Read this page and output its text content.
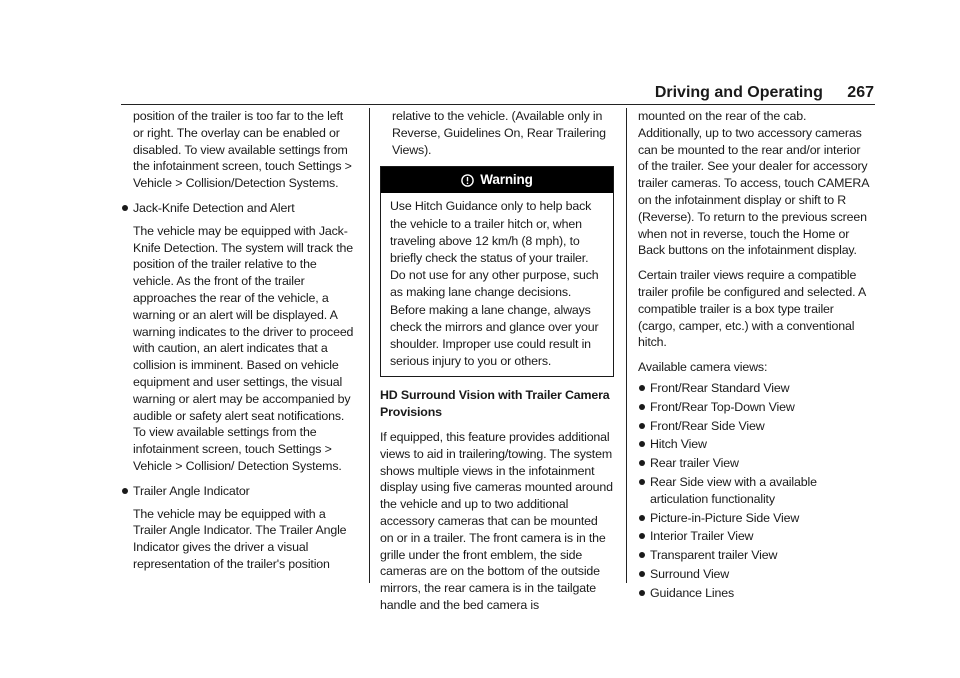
Driving and Operating 267

position of the trailer is too far to the left or right. The overlay can be enabled or disabled. To view available settings from the infotainment screen, touch Settings > Vehicle > Collision/Detection Systems.

Jack-Knife Detection and Alert

The vehicle may be equipped with Jack-Knife Detection. The system will track the position of the trailer relative to the vehicle. As the front of the trailer approaches the rear of the vehicle, a warning or an alert will be displayed. A warning indicates to the driver to proceed with caution, an alert indicates that a collision is imminent. Based on vehicle equipment and user settings, the visual warning or alert may be accompanied by audible or safety alert seat notifications. To view available settings from the infotainment screen, touch Settings > Vehicle > Collision/ Detection Systems.

Trailer Angle Indicator

The vehicle may be equipped with a Trailer Angle Indicator. The Trailer Angle Indicator gives the driver a visual representation of the trailer's position

relative to the vehicle. (Available only in Reverse, Guidelines On, Rear Trailering Views).

Warning
Use Hitch Guidance only to help back the vehicle to a trailer hitch or, when traveling above 12 km/h (8 mph), to briefly check the status of your trailer. Do not use for any other purpose, such as making lane change decisions. Before making a lane change, always check the mirrors and glance over your shoulder. Improper use could result in serious injury to you or others.

HD Surround Vision with Trailer Camera Provisions

If equipped, this feature provides additional views to aid in trailering/towing. The system shows multiple views in the infotainment display using five cameras mounted around the vehicle and up to two additional accessory cameras that can be mounted on or in a trailer. The front camera is in the grille under the front emblem, the side cameras are on the bottom of the outside mirrors, the rear camera is in the tailgate handle and the bed camera is

mounted on the rear of the cab. Additionally, up to two accessory cameras can be mounted to the rear and/or interior of the trailer. See your dealer for accessory trailer cameras. To access, touch CAMERA on the infotainment display or shift to R (Reverse). To return to the previous screen when not in reverse, touch the Home or Back buttons on the infotainment display.

Certain trailer views require a compatible trailer profile be configured and selected. A compatible trailer is a box type trailer (cargo, camper, etc.) with a conventional hitch.

Available camera views:

Front/Rear Standard View
Front/Rear Top-Down View
Front/Rear Side View
Hitch View
Rear trailer View
Rear Side view with a available articulation functionality
Picture-in-Picture Side View
Interior Trailer View
Transparent trailer View
Surround View
Guidance Lines
